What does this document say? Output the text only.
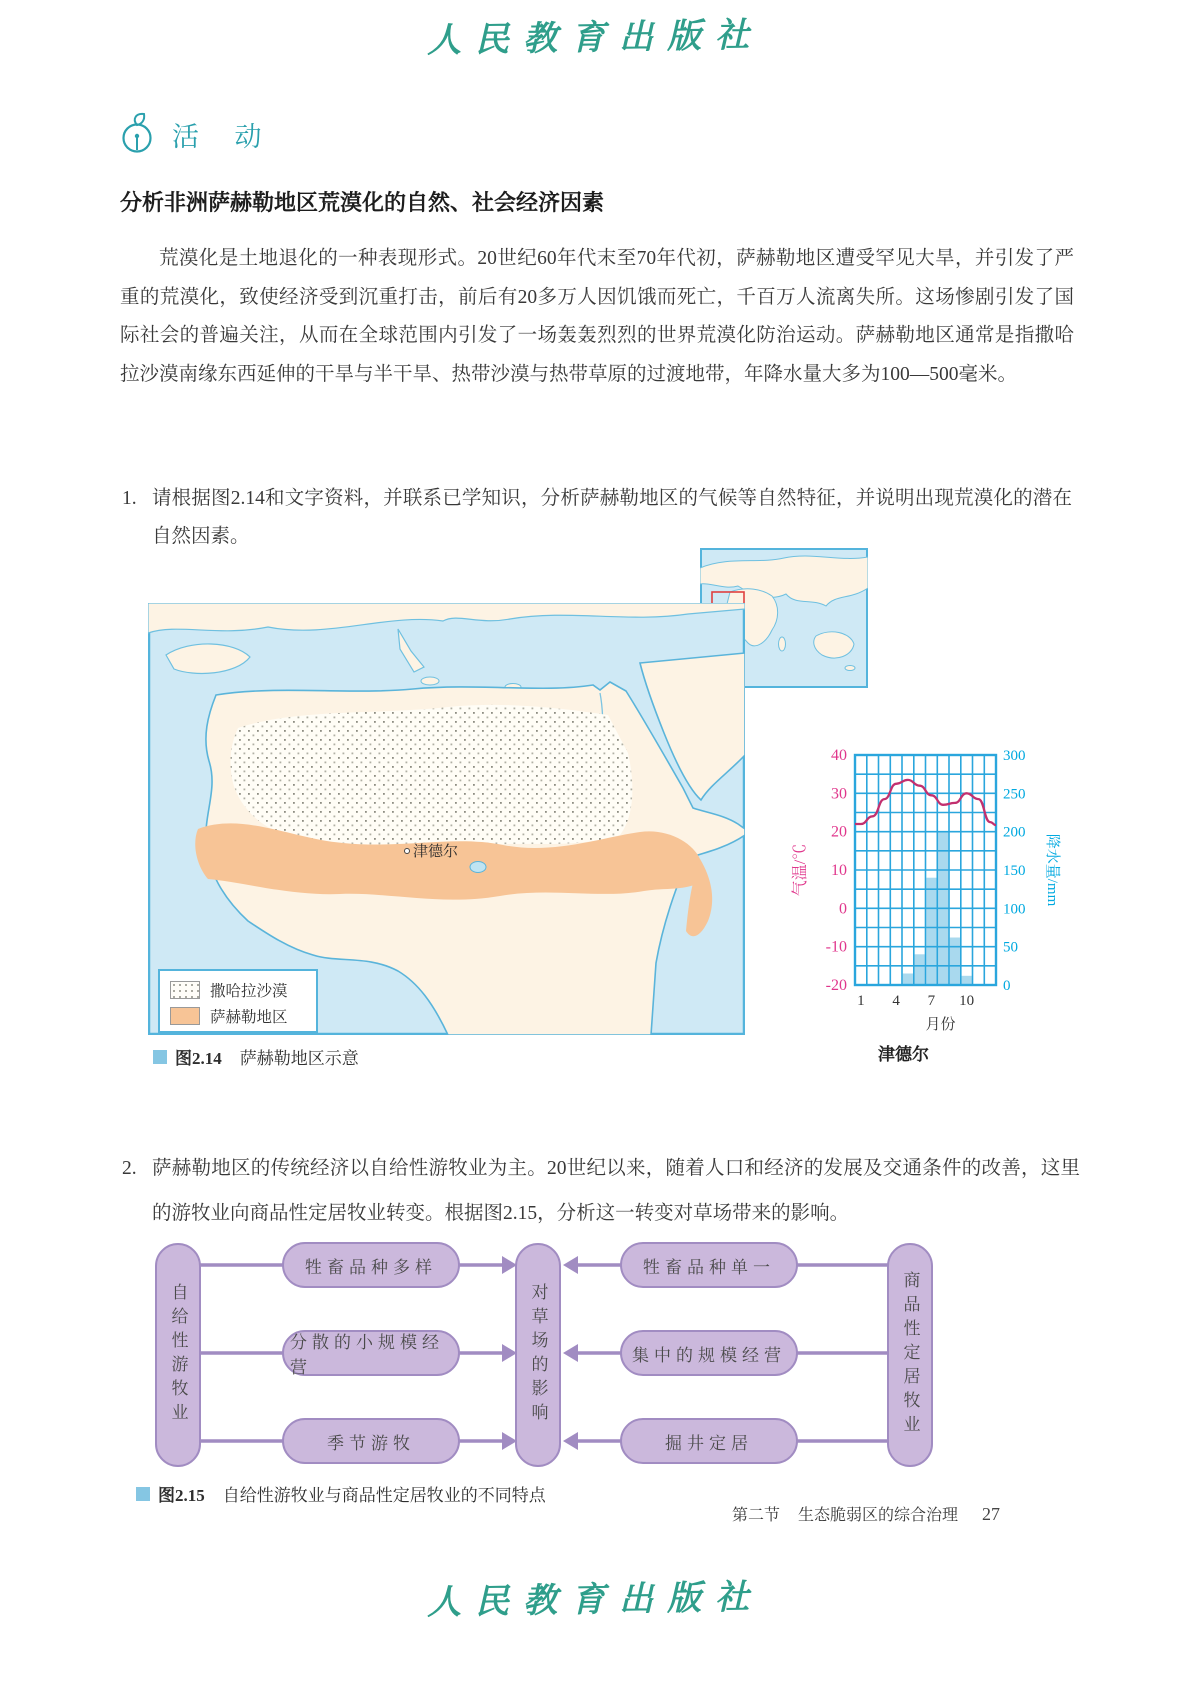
人民教育出版社
活 动
分析非洲萨赫勒地区荒漠化的自然、社会经济因素
荒漠化是土地退化的一种表现形式。20世纪60年代末至70年代初，萨赫勒地区遭受罕见大旱，并引发了严重的荒漠化，致使经济受到沉重打击，前后有20多万人因饥饿而死亡，千百万人流离失所。这场惨剧引发了国际社会的普遍关注，从而在全球范围内引发了一场轰轰烈烈的世界荒漠化防治运动。萨赫勒地区通常是指撒哈拉沙漠南缘东西延伸的干旱与半干旱、热带沙漠与热带草原的过渡地带，年降水量大多为100—500毫米。
1. 请根据图2.14和文字资料，并联系已学知识，分析萨赫勒地区的气候等自然特征，并说明出现荒漠化的潜在自然因素。
津德尔
撒哈拉沙漠
萨赫勒地区
40
30
20
10
0
-10
-20
300
250
200
150
100
50
0
1 4 7 10
气温/℃	降水量/mm
月份
津德尔
图2.14 萨赫勒地区示意
2. 萨赫勒地区的传统经济以自给性游牧业为主。20世纪以来，随着人口和经济的发展及交通条件的改善，这里的游牧业向商品性定居牧业转变。根据图2.15，分析这一转变对草场带来的影响。
自给性游牧业
牲畜品种多样
分散的小规模经营
季节游牧
对草场的影响
牲畜品种单一
集中的规模经营
掘井定居
商品性定居牧业
图2.15 自给性游牧业与商品性定居牧业的不同特点
第二节 生态脆弱区的综合治理 27
人民教育出版社
